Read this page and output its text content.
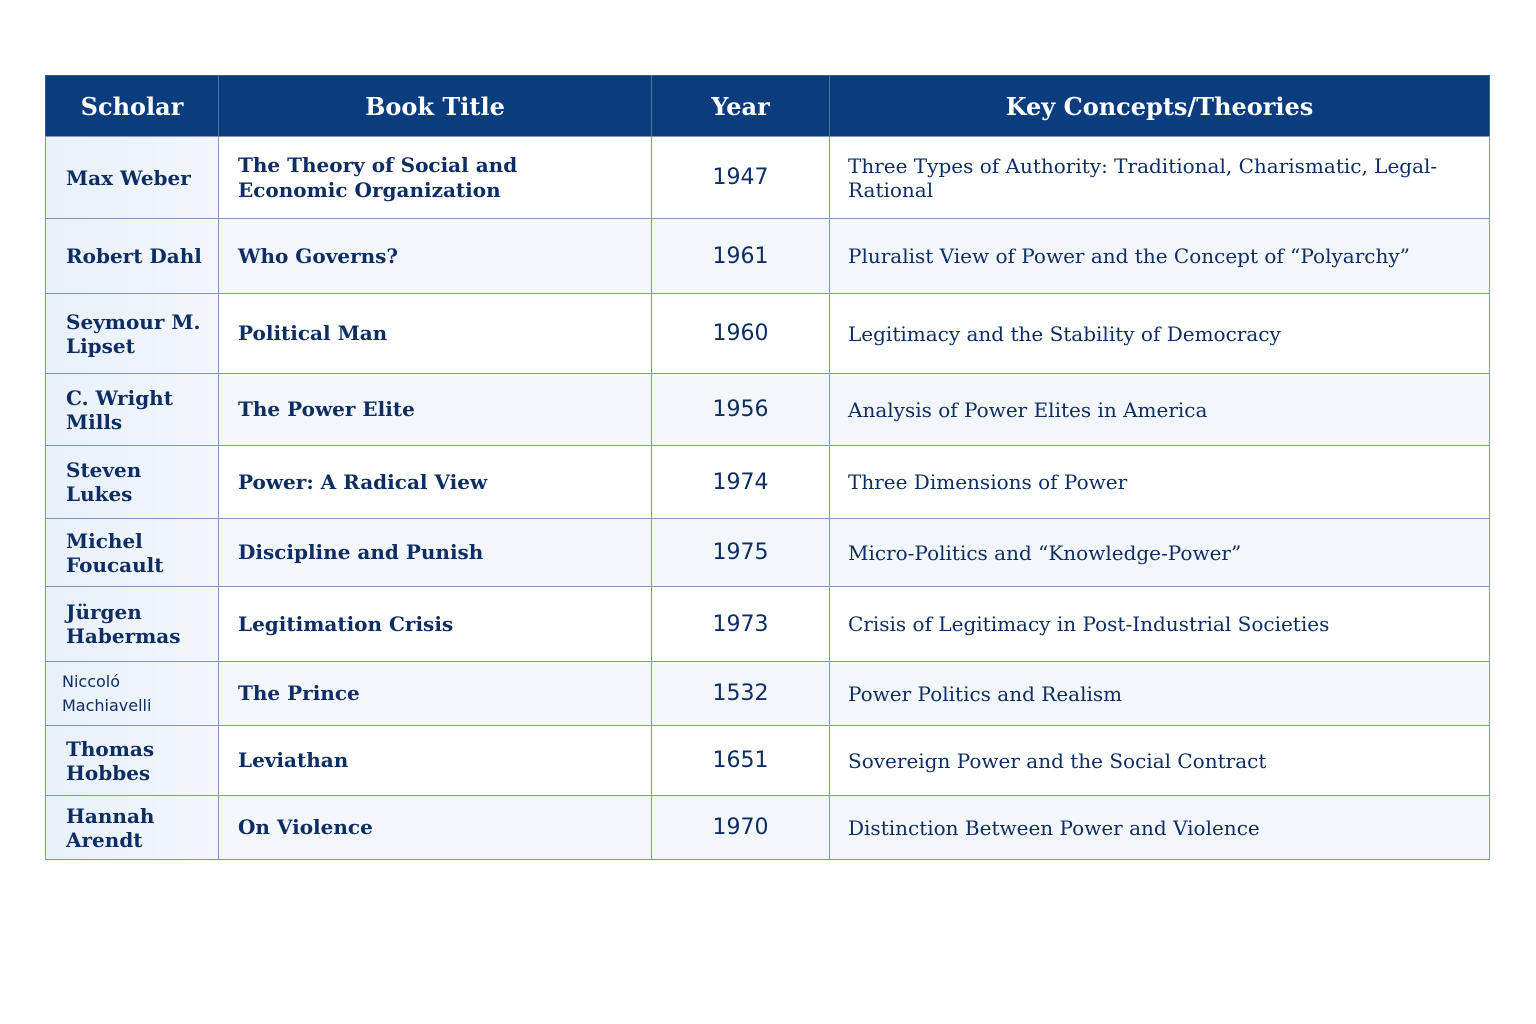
Scholar	Book Title	Year	Key Concepts/Theories
Max Weber	The Theory of Social and Economic Organization	1947	Three Types of Authority: Traditional, Charismatic, Legal-Rational
Robert Dahl	Who Governs?	1961	Pluralist View of Power and the Concept of “Polyarchy”
Seymour M. Lipset	Political Man	1960	Legitimacy and the Stability of Democracy
C. Wright Mills	The Power Elite	1956	Analysis of Power Elites in America
Steven Lukes	Power: A Radical View	1974	Three Dimensions of Power
Michel Foucault	Discipline and Punish	1975	Micro-Politics and “Knowledge-Power”
Jürgen Habermas	Legitimation Crisis	1973	Crisis of Legitimacy in Post-Industrial Societies
Niccoló Machiavelli	The Prince	1532	Power Politics and Realism
Thomas Hobbes	Leviathan	1651	Sovereign Power and the Social Contract
Hannah Arendt	On Violence	1970	Distinction Between Power and Violence
